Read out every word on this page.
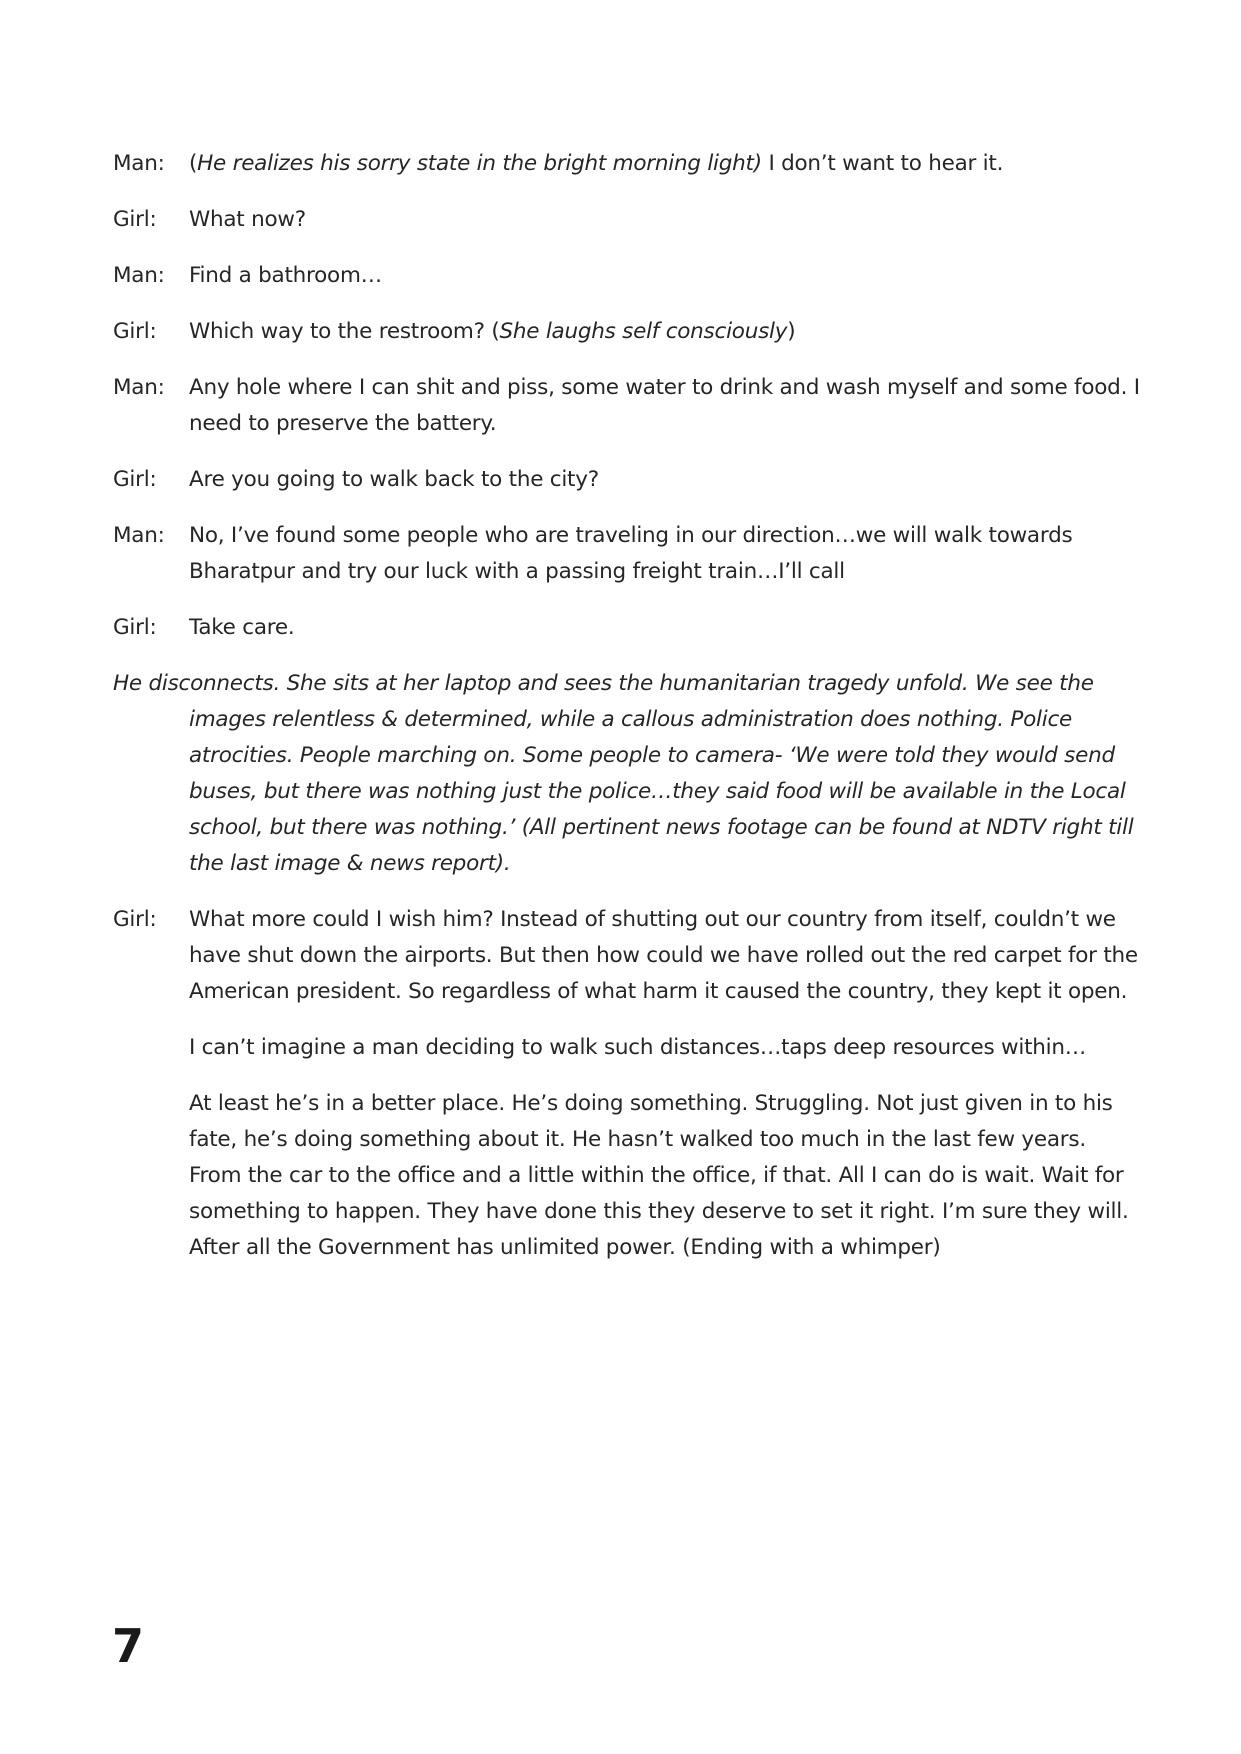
Man:	(He realizes his sorry state in the bright morning light) I don’t want to hear it.
Girl:	What now?
Man:	Find a bathroom…
Girl:	Which way to the restroom? (She laughs self consciously)
Man:	Any hole where I can shit and piss, some water to drink and wash myself and some food. I need to preserve the battery.
Girl:	Are you going to walk back to the city?
Man:	No, I’ve found some people who are traveling in our direction…we will walk towards Bharatpur and try our luck with a passing freight train…I’ll call
Girl:	Take care.
He disconnects. She sits at her laptop and sees the humanitarian tragedy unfold. We see the images relentless & determined, while a callous administration does nothing. Police atrocities. People marching on. Some people to camera- ‘We were told they would send buses, but there was nothing just the police…they said food will be available in the Local school, but there was nothing.’ (All pertinent news footage can be found at NDTV right till the last image & news report).
Girl:	What more could I wish him? Instead of shutting out our country from itself, couldn’t we have shut down the airports. But then how could we have rolled out the red carpet for the American president. So regardless of what harm it caused the country, they kept it open.
I can’t imagine a man deciding to walk such distances…taps deep resources within…
At least he’s in a better place. He’s doing something. Struggling. Not just given in to his fate, he’s doing something about it. He hasn’t walked too much in the last few years. From the car to the office and a little within the office, if that. All I can do is wait. Wait for something to happen. They have done this they deserve to set it right. I’m sure they will. After all the Government has unlimited power. (Ending with a whimper)
7
